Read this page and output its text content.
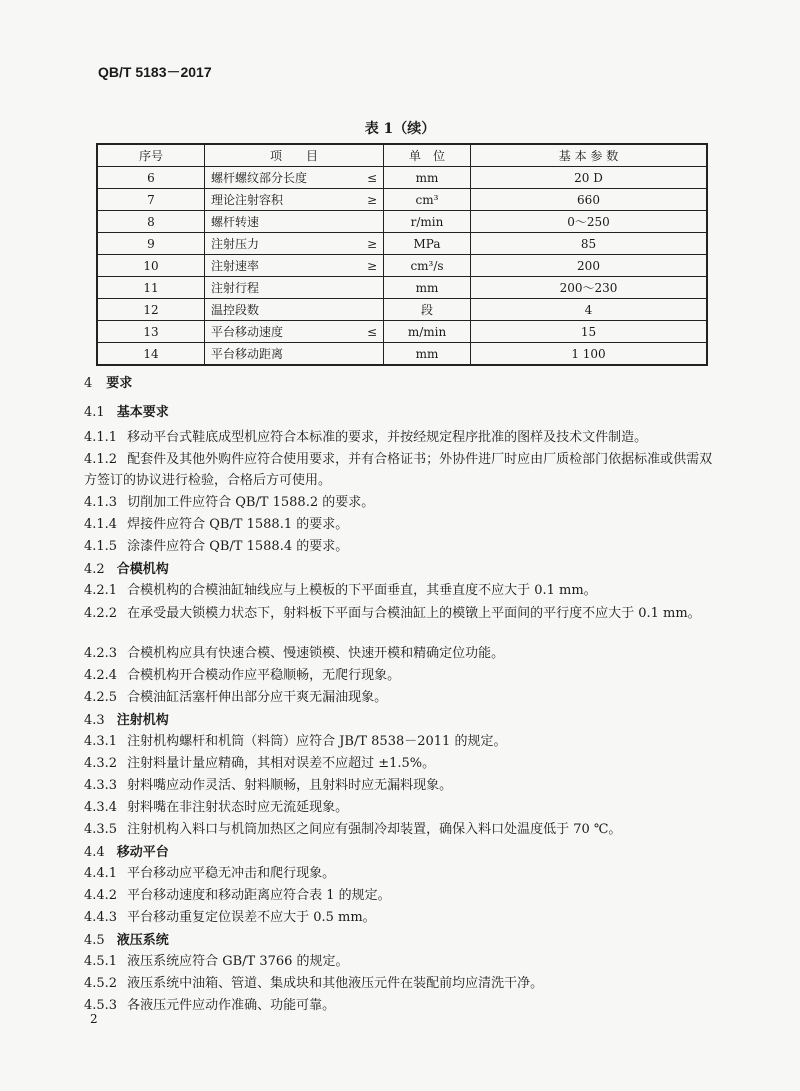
QB/T 5183－2017
表 1（续）
序号	项　　目		单　位	基 本 参 数
6	螺杆螺纹部分长度	≤	mm	20 D
7	理论注射容积	≥	cm³	660
8	螺杆转速		r/min	0～250
9	注射压力	≥	MPa	85
10	注射速率	≥	cm³/s	200
11	注射行程		mm	200～230
12	温控段数		段	4
13	平台移动速度	≤	m/min	15
14	平台移动距离		mm	1 100
4 要求
4.1 基本要求
4.1.1 移动平台式鞋底成型机应符合本标准的要求，并按经规定程序批准的图样及技术文件制造。
4.1.2 配套件及其他外购件应符合使用要求，并有合格证书；外协件进厂时应由厂质检部门依据标准或供需双方签订的协议进行检验，合格后方可使用。
4.1.3 切削加工件应符合 QB/T 1588.2 的要求。
4.1.4 焊接件应符合 QB/T 1588.1 的要求。
4.1.5 涂漆件应符合 QB/T 1588.4 的要求。
4.2 合模机构
4.2.1 合模机构的合模油缸轴线应与上模板的下平面垂直，其垂直度不应大于 0.1 mm。
4.2.2 在承受最大锁模力状态下，射料板下平面与合模油缸上的模镦上平面间的平行度不应大于 0.1 mm。
4.2.3 合模机构应具有快速合模、慢速锁模、快速开模和精确定位功能。
4.2.4 合模机构开合模动作应平稳顺畅，无爬行现象。
4.2.5 合模油缸活塞杆伸出部分应干爽无漏油现象。
4.3 注射机构
4.3.1 注射机构螺杆和机筒（料筒）应符合 JB/T 8538－2011 的规定。
4.3.2 注射料量计量应精确，其相对误差不应超过 ±1.5%。
4.3.3 射料嘴应动作灵活、射料顺畅，且射料时应无漏料现象。
4.3.4 射料嘴在非注射状态时应无流延现象。
4.3.5 注射机构入料口与机筒加热区之间应有强制冷却装置，确保入料口处温度低于 70 ℃。
4.4 移动平台
4.4.1 平台移动应平稳无冲击和爬行现象。
4.4.2 平台移动速度和移动距离应符合表 1 的规定。
4.4.3 平台移动重复定位误差不应大于 0.5 mm。
4.5 液压系统
4.5.1 液压系统应符合 GB/T 3766 的规定。
4.5.2 液压系统中油箱、管道、集成块和其他液压元件在装配前均应清洗干净。
4.5.3 各液压元件应动作准确、功能可靠。
2
